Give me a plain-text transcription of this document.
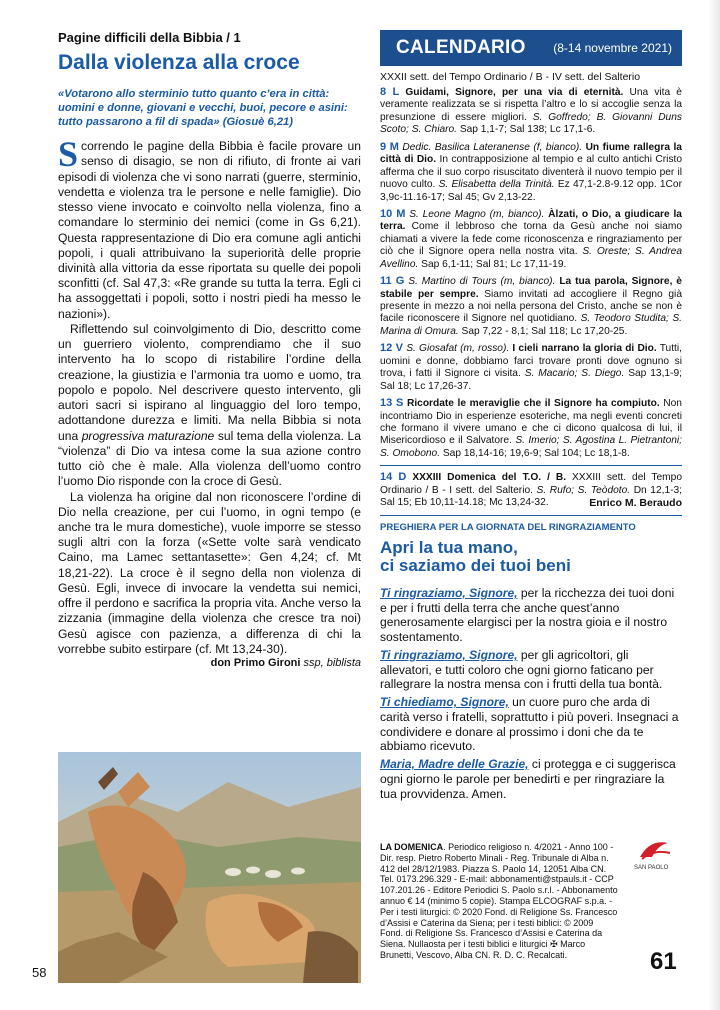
Pagine difficili della Bibbia / 1
Dalla violenza alla croce
«Votarono allo sterminio tutto quanto c’era in città: uomini e donne, giovani e vecchi, buoi, pecore e asini: tutto passarono a fil di spada» (Giosuè 6,21)

Scorrendo le pagine della Bibbia è facile provare un senso di disagio, se non di rifiuto, di fronte ai vari episodi di violenza che vi sono narrati (guerre, sterminio, vendetta e violenza tra le persone e nelle famiglie). Dio stesso viene invocato e coinvolto nella violenza, fino a comandare lo sterminio dei nemici (come in Gs 6,21). Questa rappresentazione di Dio era comune agli antichi popoli, i quali attribuivano la superiorità delle proprie divinità alla vittoria da esse riportata su quelle dei popoli sconfitti (cf. Sal 47,3: «Re grande su tutta la terra. Egli ci ha assoggettati i popoli, sotto i nostri piedi ha messo le nazioni»).

Riflettendo sul coinvolgimento di Dio, descritto come un guerriero violento, comprendiamo che il suo intervento ha lo scopo di ristabilire l’ordine della creazione, la giustizia e l’armonia tra uomo e uomo, tra popolo e popolo. Nel descrivere questo intervento, gli autori sacri si ispirano al linguaggio del loro tempo, adottandone durezza e limiti. Ma nella Bibbia si nota una progressiva maturazione sul tema della violenza. La “violenza” di Dio va intesa come la sua azione contro tutto ciò che è male. Alla violenza dell’uomo contro l’uomo Dio risponde con la croce di Gesù.

La violenza ha origine dal non riconoscere l’ordine di Dio nella creazione, per cui l’uomo, in ogni tempo (e anche tra le mura domestiche), vuole imporre se stesso sugli altri con la forza («Sette volte sarà vendicato Caino, ma Lamec settantasette»: Gen 4,24; cf. Mt 18,21-22). La croce è il segno della non violenza di Gesù. Egli, invece di invocare la vendetta sui nemici, offre il perdono e sacrifica la propria vita. Anche verso la zizzania (immagine della violenza che cresce tra noi) Gesù agisce con pazienza, a differenza di chi la vorrebbe subito estirpare (cf. Mt 13,24-30).
don Primo Gironi ssp, biblista

CALENDARIO (8-14 novembre 2021)
XXXII sett. del Tempo Ordinario / B - IV sett. del Salterio
8 L Guidami, Signore, per una via di eternità. Una vita è veramente realizzata se si rispetta l’altro e lo si accoglie senza la presunzione di essere migliori. S. Goffredo; B. Giovanni Duns Scoto; S. Chiaro. Sap 1,1-7; Sal 138; Lc 17,1-6.
9 M Dedic. Basilica Lateranense (f, bianco). Un fiume rallegra la città di Dio. In contrapposizione al tempio e al culto antichi Cristo afferma che il suo corpo risuscitato diventerà il nuovo tempio per il nuovo culto. S. Elisabetta della Trinità. Ez 47,1-2.8-9.12 opp. 1Cor 3,9c-11.16-17; Sal 45; Gv 2,13-22.
10 M S. Leone Magno (m, bianco). Àlzati, o Dio, a giudicare la terra. Come il lebbroso che torna da Gesù anche noi siamo chiamati a vivere la fede come riconoscenza e ringraziamento per ciò che il Signore opera nella nostra vita. S. Oreste; S. Andrea Avellino. Sap 6,1-11; Sal 81; Lc 17,11-19.
11 G S. Martino di Tours (m, bianco). La tua parola, Signore, è stabile per sempre. Siamo invitati ad accogliere il Regno già presente in mezzo a noi nella persona del Cristo, anche se non è facile riconoscere il Signore nel quotidiano. S. Teodoro Studita; S. Marina di Omura. Sap 7,22 - 8,1; Sal 118; Lc 17,20-25.
12 V S. Giosafat (m, rosso). I cieli narrano la gloria di Dio. Tutti, uomini e donne, dobbiamo farci trovare pronti dove ognuno si trova, i fatti il Signore ci visita. S. Macario; S. Diego. Sap 13,1-9; Sal 18; Lc 17,26-37.
13 S Ricordate le meraviglie che il Signore ha compiuto. Non incontriamo Dio in esperienze esoteriche, ma negli eventi concreti che formano il vivere umano e che ci dicono qualcosa di lui, il Misericordioso e il Salvatore. S. Imerio; S. Agostina L. Pietrantoni; S. Omobono. Sap 18,14-16; 19,6-9; Sal 104; Lc 18,1-8.
14 D XXXIII Domenica del T.O. / B. XXXIII sett. del Tempo Ordinario / B - I sett. del Salterio. S. Rufo; S. Teòdoto. Dn 12,1-3; Sal 15; Eb 10,11-14.18; Mc 13,24-32.	Enrico M. Beraudo
PREGHIERA PER LA GIORNATA DEL RINGRAZIAMENTO
Apri la tua mano,
ci saziamo dei tuoi beni
Ti ringraziamo, Signore, per la ricchezza dei tuoi doni e per i frutti della terra che anche quest’anno generosamente elargisci per la nostra gioia e il nostro sostentamento.
Ti ringraziamo, Signore, per gli agricoltori, gli allevatori, e tutti coloro che ogni giorno faticano per rallegrare la nostra mensa con i frutti della tua bontà.
Ti chiediamo, Signore, un cuore puro che arda di carità verso i fratelli, soprattutto i più poveri. Insegnaci a condividere e donare al prossimo i doni che da te abbiamo ricevuto.
Maria, Madre delle Grazie, ci protegga e ci suggerisca ogni giorno le parole per benedirti e per ringraziare la tua provvidenza. Amen.
LA DOMENICA. Periodico religioso n. 4/2021 - Anno 100 - Dir. resp. Pietro Roberto Minali - Reg. Tribunale di Alba n. 412 del 28/12/1983. Piazza S. Paolo 14, 12051 Alba CN. Tel. 0173.296.329 - E-mail: abbonamenti@stpauls.it - CCP 107.201.26 - Editore Periodici S. Paolo s.r.l. - Abbonamento annuo € 14 (minimo 5 copie). Stampa ELCOGRAF s.p.a. - Per i testi liturgici: © 2020 Fond. di Religione Ss. Francesco d’Assisi e Caterina da Siena; per i testi biblici: © 2009 Fond. di Religione Ss. Francesco d’Assisi e Caterina da Siena. Nullaosta per i testi biblici e liturgici ✠ Marco Brunetti, Vescovo, Alba CN. R. D. C. Recalcati.
SAN PAOLO
58	61
